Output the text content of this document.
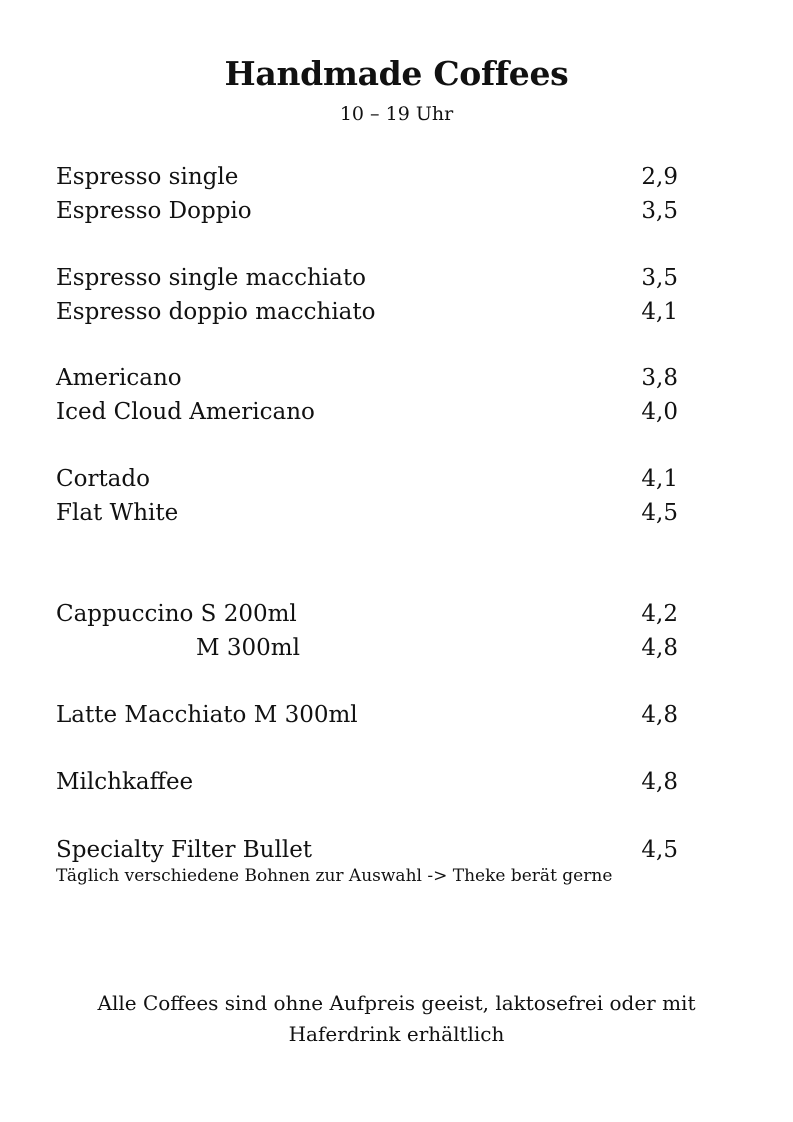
Handmade Coffees
10 – 19 Uhr
Espresso single	2,9
Espresso Doppio	3,5
Espresso single macchiato	3,5
Espresso doppio macchiato	4,1
Americano	3,8
Iced Cloud Americano	4,0
Cortado	4,1
Flat White	4,5
Cappuccino S 200ml	4,2
M 300ml	4,8
Latte Macchiato M 300ml	4,8
Milchkaffee	4,8
Specialty Filter Bullet	4,5
Täglich verschiedene Bohnen zur Auswahl -> Theke berät gerne
Alle Coffees sind ohne Aufpreis geeist, laktosefrei oder mit
Haferdrink erhältlich
